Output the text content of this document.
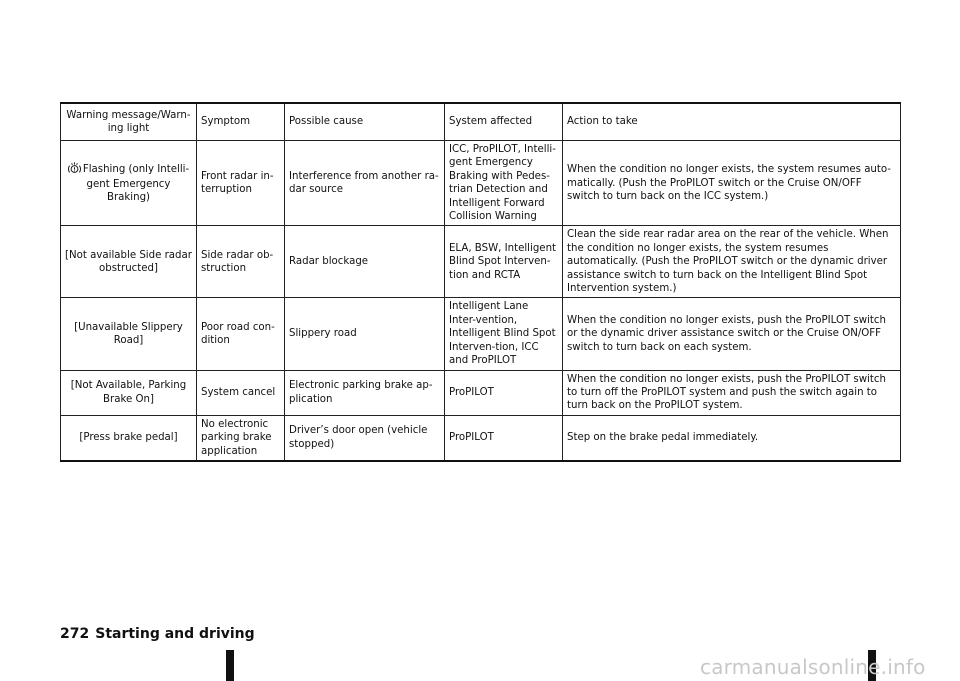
Warning message/Warn-ing light	Symptom	Possible cause	System affected	Action to take
Flashing (only Intelli-gent Emergency Braking)	Front radar in-terruption	Interference from another ra-dar source	ICC, ProPILOT, Intelli-gent Emergency Braking with Pedes-trian Detection and Intelligent Forward Collision Warning	When the condition no longer exists, the system resumes auto-matically. (Push the ProPILOT switch or the Cruise ON/OFF switch to turn back on the ICC system.)
[Not available Side radar obstructed]	Side radar ob-struction	Radar blockage	ELA, BSW, Intelligent Blind Spot Interven-tion and RCTA	Clean the side rear radar area on the rear of the vehicle. When the condition no longer exists, the system resumes automatically. (Push the ProPILOT switch or the dynamic driver assistance switch to turn back on the Intelligent Blind Spot Intervention system.)
[Unavailable Slippery Road]	Poor road con-dition	Slippery road	Intelligent Lane Inter-vention, Intelligent Blind Spot Interven-tion, ICC and ProPILOT	When the condition no longer exists, push the ProPILOT switch or the dynamic driver assistance switch or the Cruise ON/OFF switch to turn back on each system.
[Not Available, Parking Brake On]	System cancel	Electronic parking brake ap-plication	ProPILOT	When the condition no longer exists, push the ProPILOT switch to turn off the ProPILOT system and push the switch again to turn back on the ProPILOT system.
[Press brake pedal]	No electronic parking brake application	Driver’s door open (vehicle stopped)	ProPILOT	Step on the brake pedal immediately.
272 Starting and driving
carmanualsonline.info
